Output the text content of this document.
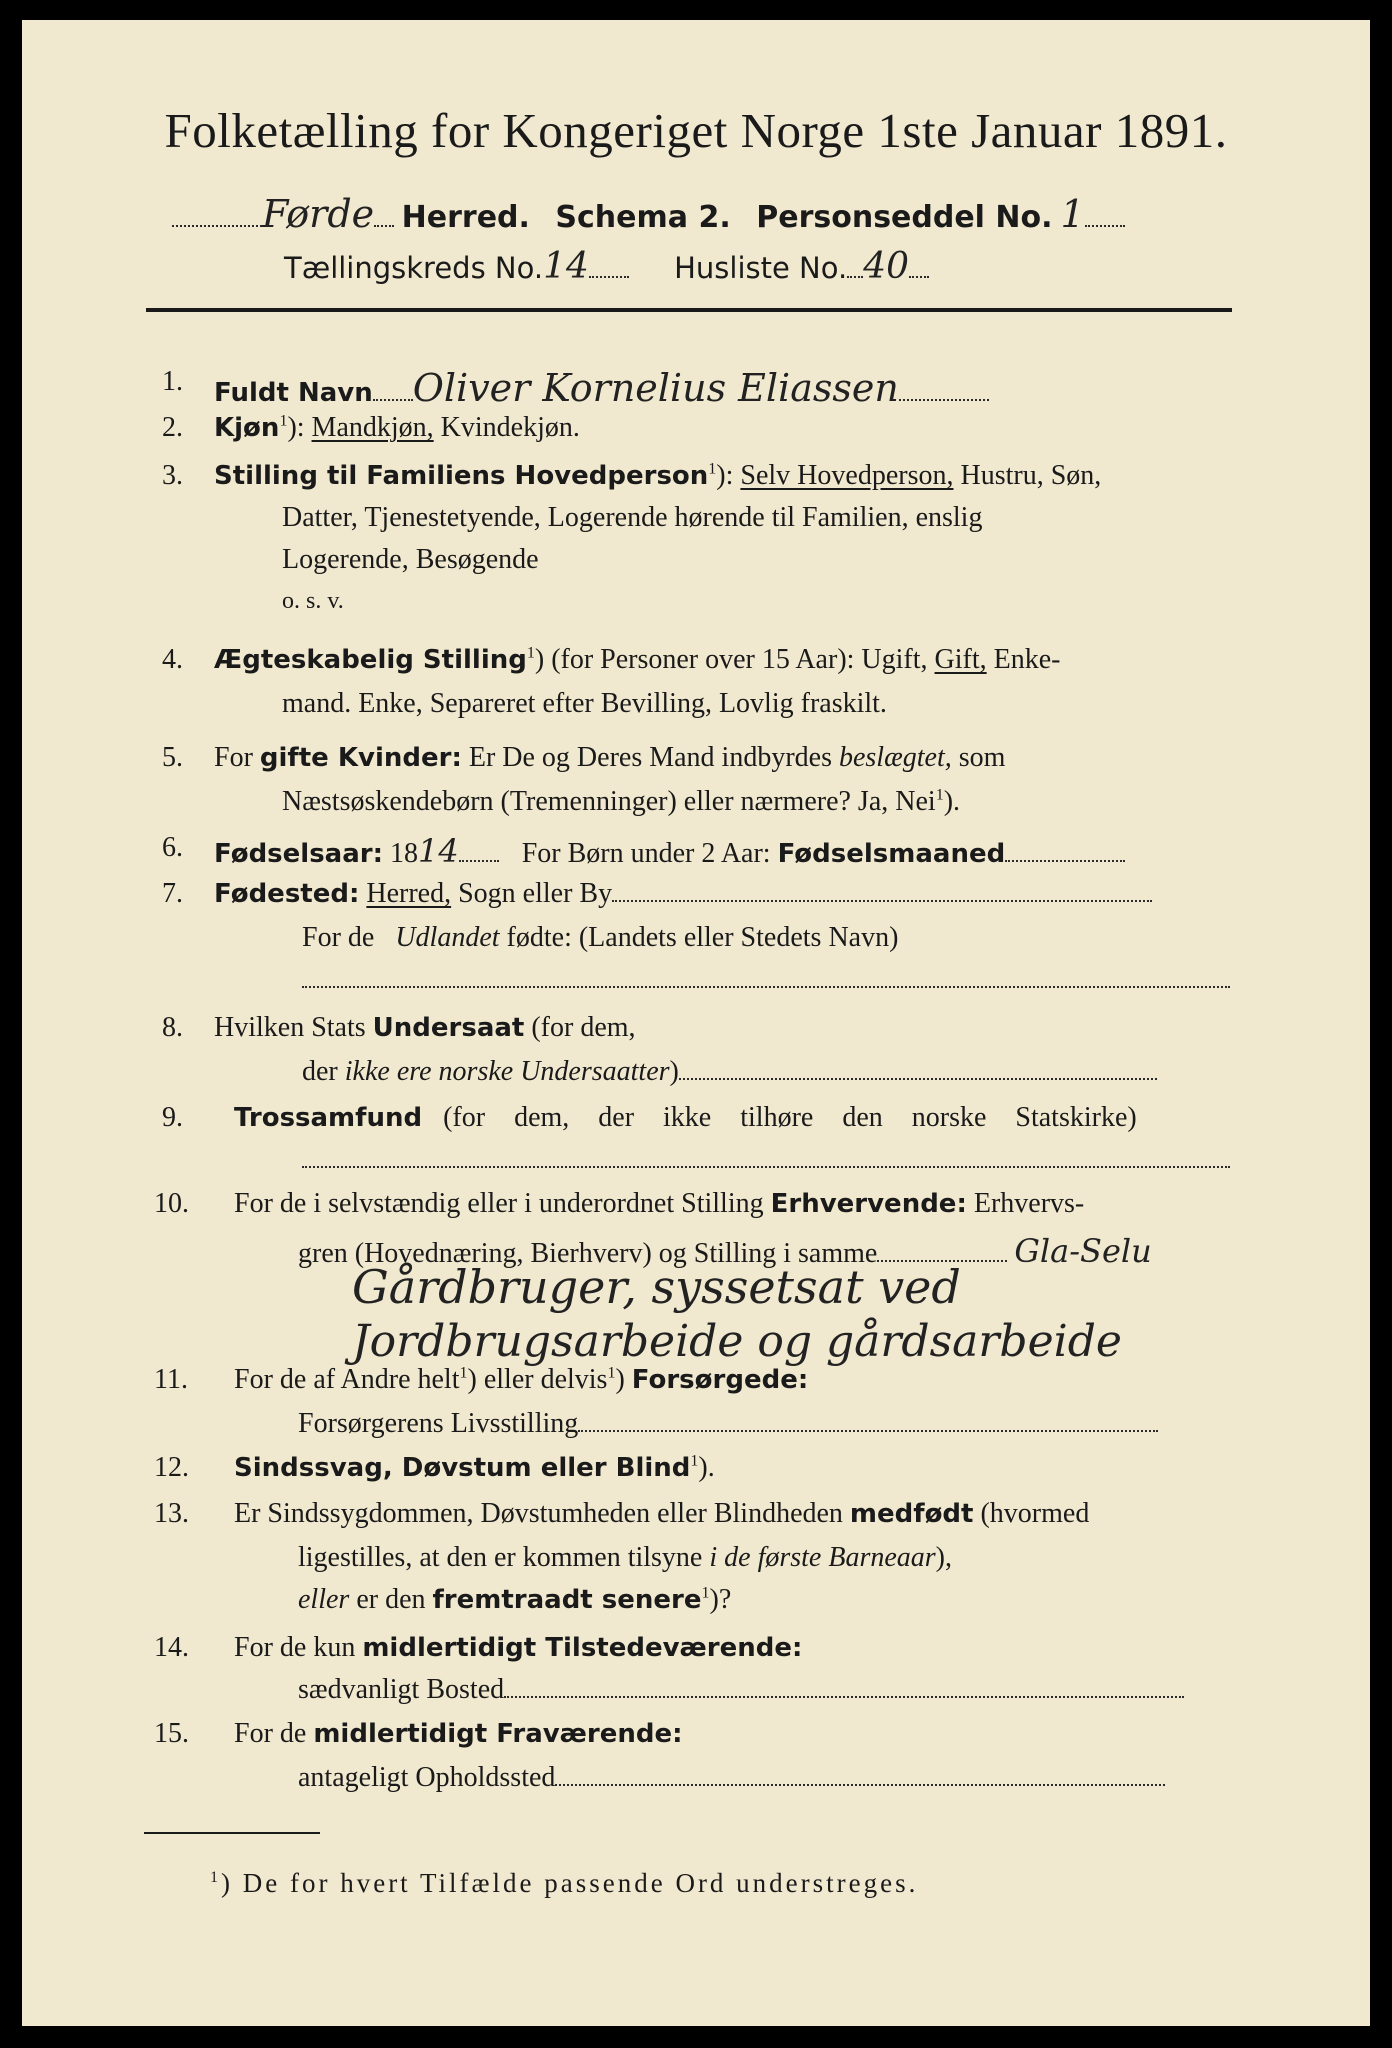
Folketælling for Kongeriget Norge 1ste Januar 1891.
Førde Herred. Schema 2. Personseddel No. 1
Tællingskreds No.14	Husliste No. 40
1. Fuldt Navn Oliver Kornelius Eliassen
2. Kjøn$^1$): Mandkjøn, Kvindekjøn.
3. Stilling til Familiens Hovedperson$^1$): Selv Hovedperson, Hustru, Søn,
Datter, Tjenestetyende, Logerende hørende til Familien, enslig
Logerende, Besøgende
o. s. v.
4. Ægteskabelig Stilling$^1$) (for Personer over 15 Aar): Ugift, Gift, Enke-
mand. Enke, Separeret efter Bevilling, Lovlig fraskilt.
5. For gifte Kvinder: Er De og Deres Mand indbyrdes beslægtet, som
Næstsøskendebørn (Tremenninger) eller nærmere? Ja, Nei$^1$).
6. Fødselsaar: 1814 For Børn under 2 Aar: Fødselsmaaned
7. Fødested: Herred, Sogn eller By
For de Udlandet fødte: (Landets eller Stedets Navn)
8. Hvilken Stats Undersaat (for dem,
der ikke ere norske Undersaatter)
9. Trossamfund (for dem, der ikke tilhøre den norske Statskirke)
10. For de i selvstændig eller i underordnet Stilling Erhvervende: Erhvervs-
gren (Hovednæring, Bierhverv) og Stilling i samme	Gla-Selu
Gårdbruger, syssetsat ved
Jordbrugsarbeide og gårdsarbeide
11. For de af Andre helt$^1$) eller delvis$^1$) Forsørgede:
Forsørgerens Livsstilling
12. Sindssvag, Døvstum eller Blind$^1$).
13. Er Sindssygdommen, Døvstumheden eller Blindheden medfødt (hvormed
ligestilles, at den er kommen tilsyne i de første Barneaar),
eller er den fremtraadt senere$^1$)?
14. For de kun midlertidigt Tilstedeværende:
sædvanligt Bosted
15. For de midlertidigt Fraværende:
antageligt Opholdssted
$^1$) De for hvert Tilfælde passende Ord understreges.
